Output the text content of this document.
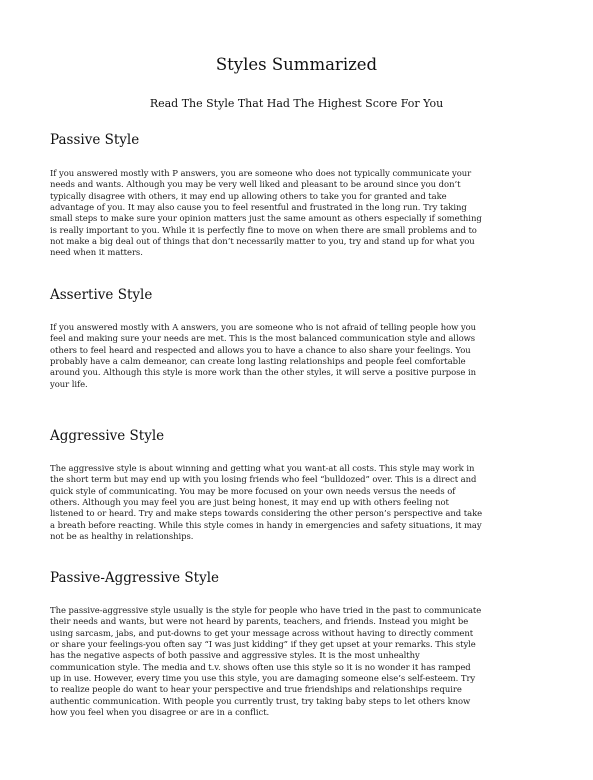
Styles Summarized
Read The Style That Had The Highest Score For You
Passive Style

If you answered mostly with P answers, you are someone who does not typically communicate your
needs and wants. Although you may be very well liked and pleasant to be around since you don’t
typically disagree with others, it may end up allowing others to take you for granted and take
advantage of you. It may also cause you to feel resentful and frustrated in the long run. Try taking
small steps to make sure your opinion matters just the same amount as others especially if something
is really important to you. While it is perfectly fine to move on when there are small problems and to
not make a big deal out of things that don’t necessarily matter to you, try and stand up for what you
need when it matters.

Assertive Style

If you answered mostly with A answers, you are someone who is not afraid of telling people how you
feel and making sure your needs are met. This is the most balanced communication style and allows
others to feel heard and respected and allows you to have a chance to also share your feelings. You
probably have a calm demeanor, can create long lasting relationships and people feel comfortable
around you. Although this style is more work than the other styles, it will serve a positive purpose in
your life.

Aggressive Style

The aggressive style is about winning and getting what you want-at all costs. This style may work in
the short term but may end up with you losing friends who feel “bulldozed” over. This is a direct and
quick style of communicating. You may be more focused on your own needs versus the needs of
others. Although you may feel you are just being honest, it may end up with others feeling not
listened to or heard. Try and make steps towards considering the other person’s perspective and take
a breath before reacting. While this style comes in handy in emergencies and safety situations, it may
not be as healthy in relationships.

Passive-Aggressive Style

The passive-aggressive style usually is the style for people who have tried in the past to communicate
their needs and wants, but were not heard by parents, teachers, and friends. Instead you might be
using sarcasm, jabs, and put-downs to get your message across without having to directly comment
or share your feelings-you often say “I was just kidding” if they get upset at your remarks. This style
has the negative aspects of both passive and aggressive styles. It is the most unhealthy
communication style. The media and t.v. shows often use this style so it is no wonder it has ramped
up in use. However, every time you use this style, you are damaging someone else’s self-esteem. Try
to realize people do want to hear your perspective and true friendships and relationships require
authentic communication. With people you currently trust, try taking baby steps to let others know
how you feel when you disagree or are in a conflict.
